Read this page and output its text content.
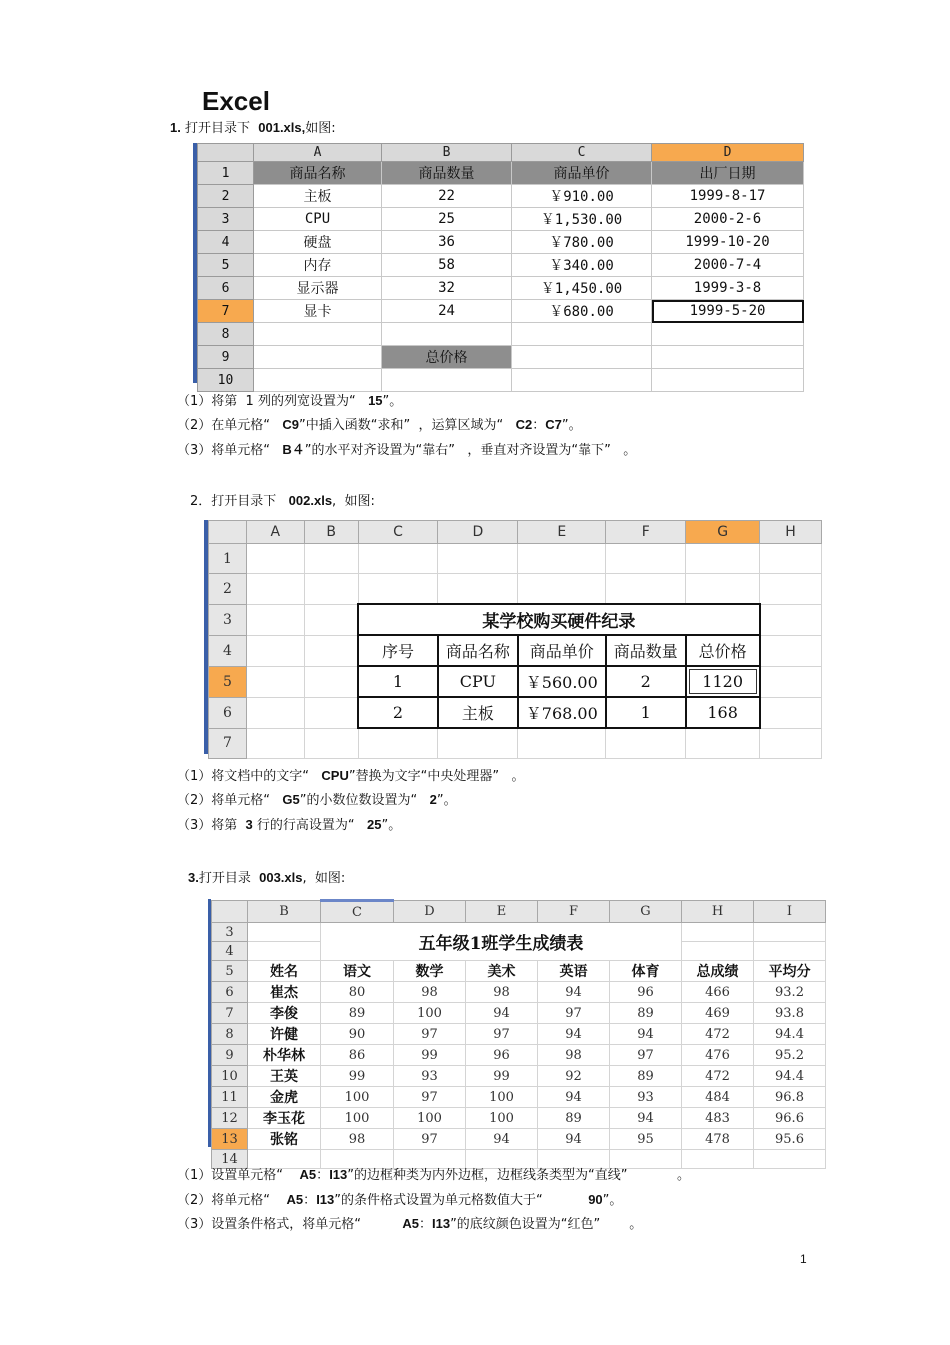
Excel
1. 打开目录下  001.xls,如图:
	A	B	C	D
1	商品名称	商品数量	商品单价	出厂日期
2	主板	22	￥910.00	1999-8-17
3	CPU	25	￥1,530.00	2000-2-6
4	硬盘	36	￥780.00	1999-10-20
5	内存	58	￥340.00	2000-7-4
6	显示器	32	￥1,450.00	1999-3-8
7	显卡	24	￥680.00	1999-5-20
8				
9		总价格		
10				
（1）将第  1 列的列宽设置为“   15”。
（2）在单元格“   C9”中插入函数“求和”  ，运算区域为“   C2：C7”。
（3）将单元格“   B４”的水平对齐设置为“靠右”   ，垂直对齐设置为“靠下”   。
2．打开目录下   002.xls,  如图:
	A	B	C	D	E	F	G	H
1								
2								
3			某学校购买硬件纪录					
4			序号	商品名称	商品单价	商品数量	总价格	
5			1	CPU	￥560.00	2	1120	
6			2	主板	￥768.00	1	168	
7								
（1）将文档中的文字“   CPU”替换为文字“中央处理器”   。
（2）将单元格“   G5”的小数位数设置为“   2”。
（3）将第  3 行的行高设置为“   25”。
3.打开目录  003.xls,  如图:
	B	C	D	E	F	G	H	I
3		五年级1班学生成绩表						
4								
5	姓名	语文	数学	美术	英语	体育	总成绩	平均分
6	崔杰	80	98	98	94	96	466	93.2
7	李俊	89	100	94	97	89	469	93.8
8	许健	90	97	97	94	94	472	94.4
9	朴华林	86	99	96	98	97	476	95.2
10	王英	99	93	99	92	89	472	94.4
11	金虎	100	97	100	94	93	484	96.8
12	李玉花	100	100	100	89	94	483	96.6
13	张铭	98	97	94	94	95	478	95.6
14								
（1）设置单元格“    A5：I13”的边框种类为内外边框，边框线条类型为“直线”            。
（2）将单元格“    A5：I13”的条件格式设置为单元格数值大于“           90”。
（3）设置条件格式，将单元格“          A5：I13”的底纹颜色设置为“红色”       。
1
